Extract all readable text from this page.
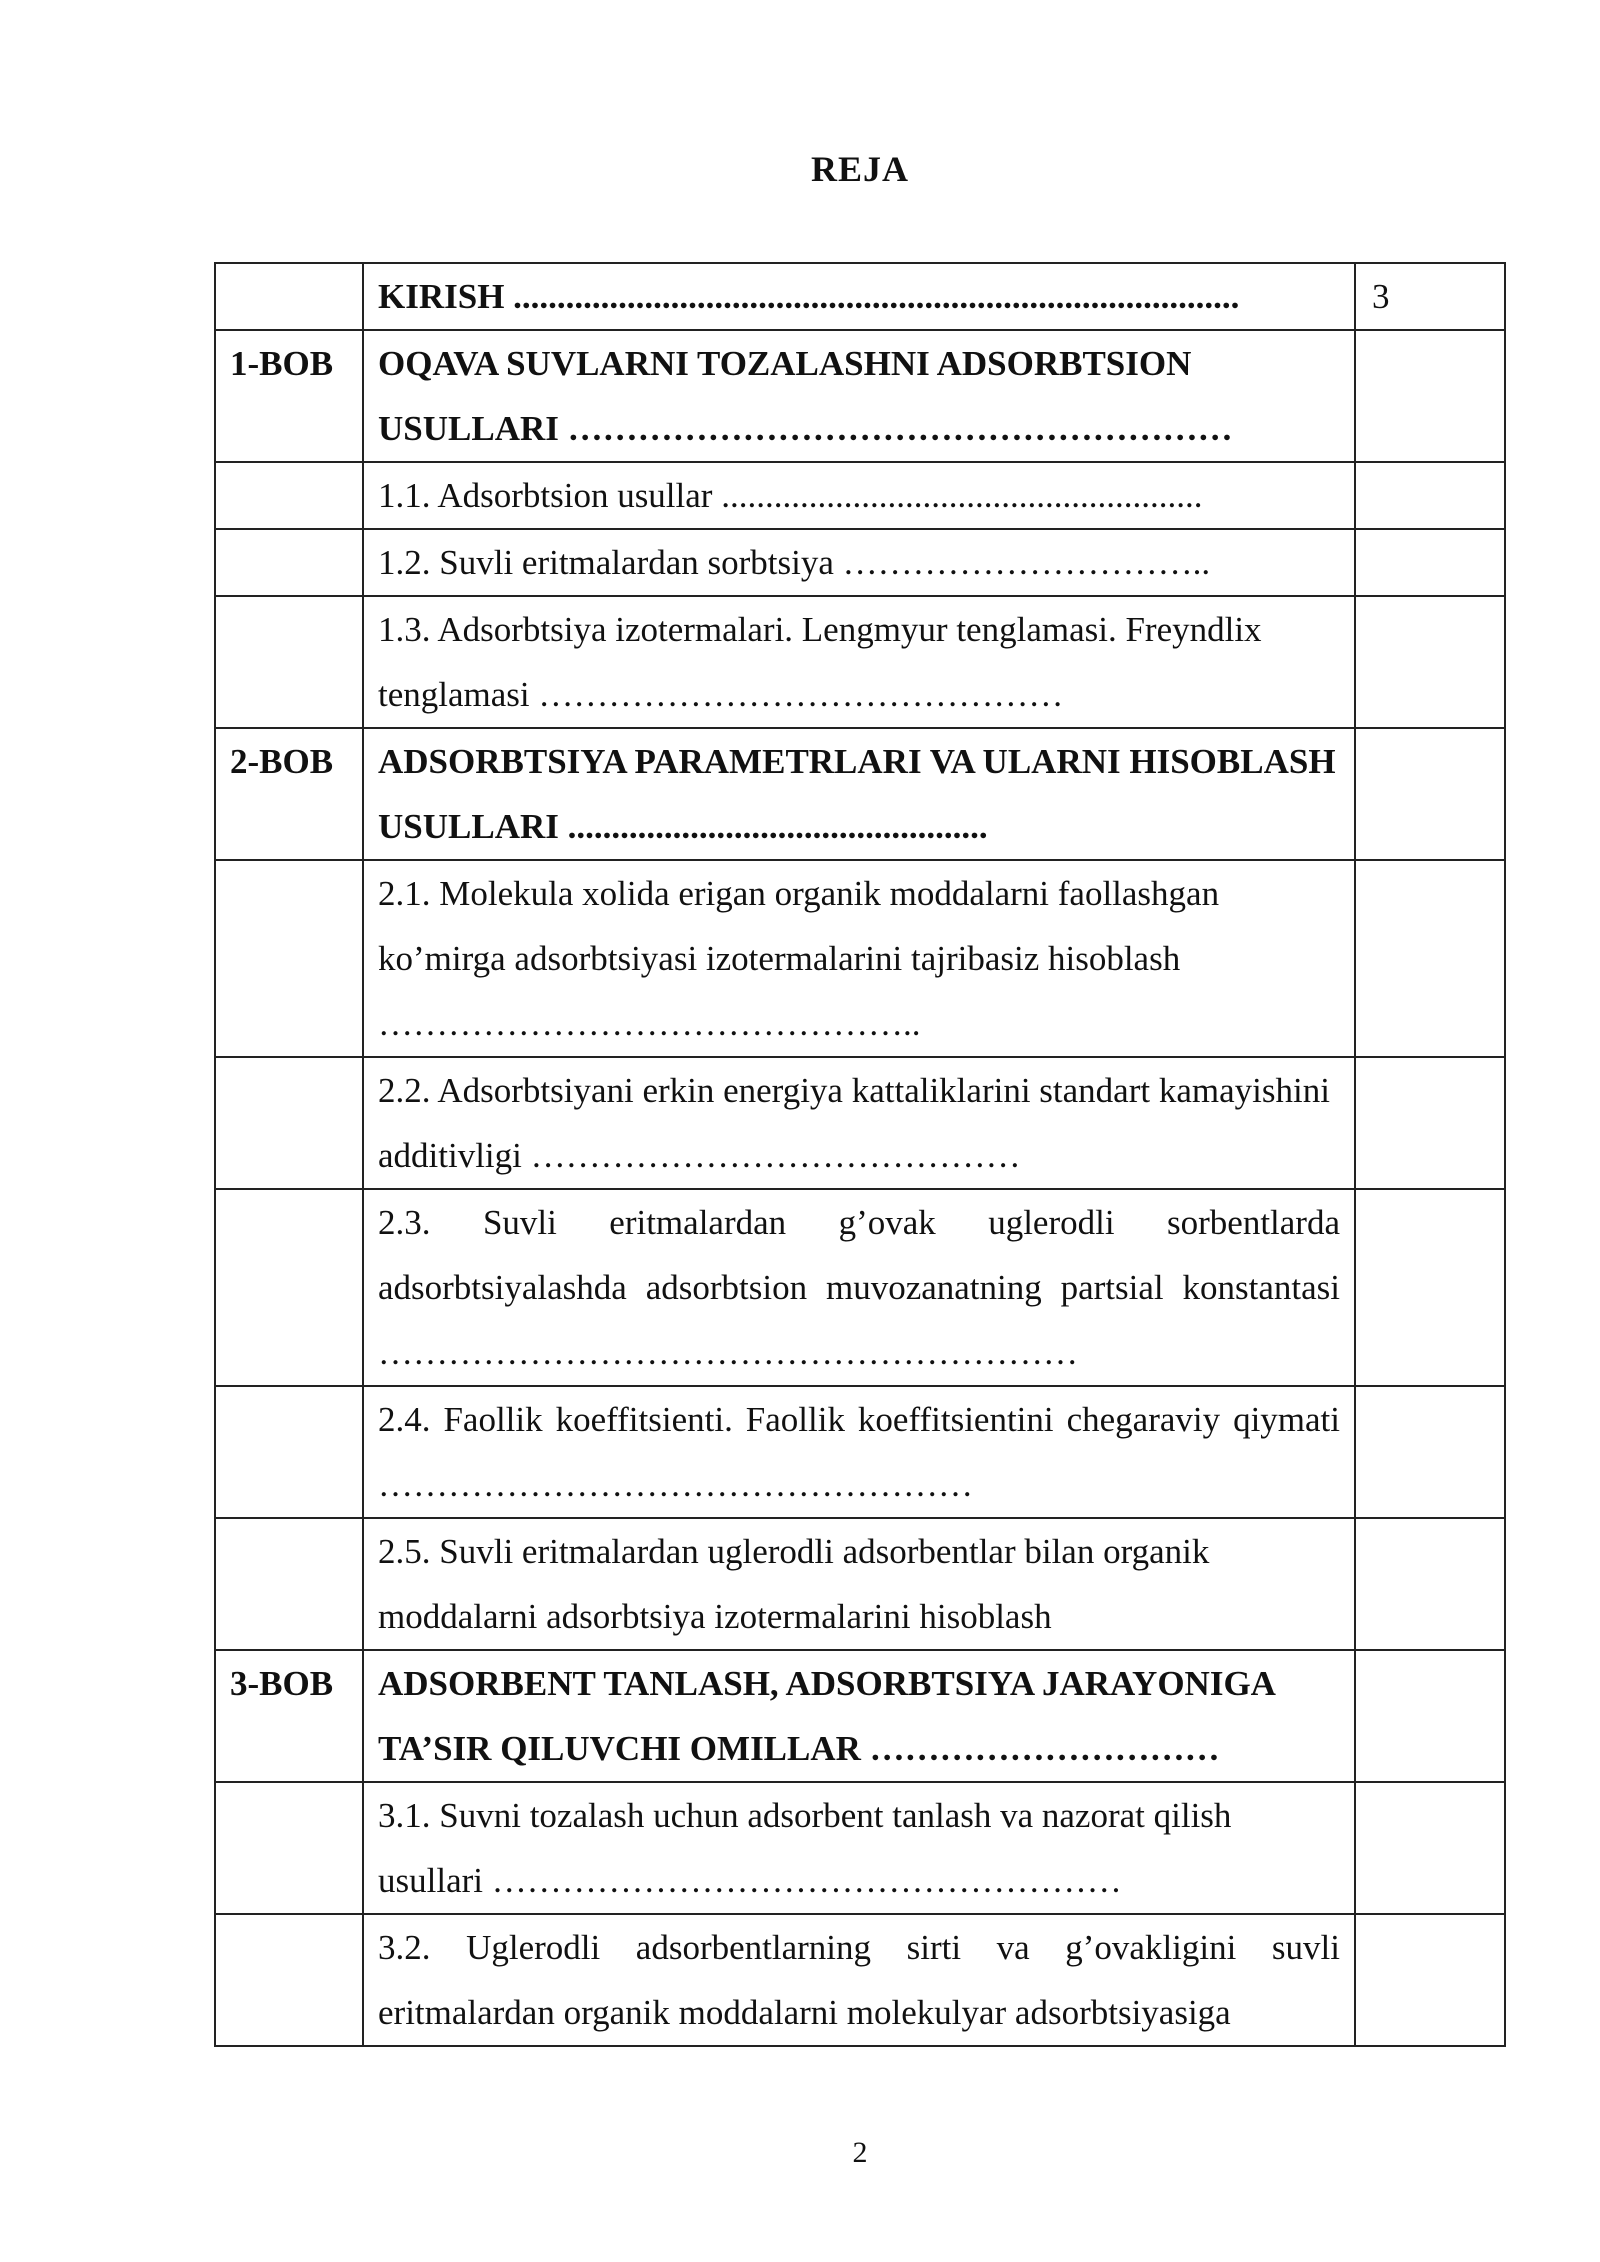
REJA
	KIRISH ...................................................................................	3
1-BOB	OQAVA SUVLARNI TOZALASHNI ADSORBTSION USULLARI …………………………………………………	
	1.1. Adsorbtsion usullar .......................................................	
	1.2. Suvli eritmalardan sorbtsiya …………………………..	
	1.3. Adsorbtsiya izotermalari. Lengmyur tenglamasi. Freyndlix tenglamasi ………………………………………	
2-BOB	ADSORBTSIYA PARAMETRLARI VA ULARNI HISOBLASH USULLARI ................................................	
	2.1. Molekula xolida erigan organik moddalarni faollashgan ko’mirga adsorbtsiyasi izotermalarini tajribasiz hisoblash ………………………………………..	
	2.2. Adsorbtsiyani erkin energiya kattaliklarini standart kamayishini additivligi ……………………………………	
	2.3. Suvli eritmalardan g’ovak uglerodli sorbentlarda adsorbtsiyalashda adsorbtsion muvozanatning partsial konstantasi ……………………………………………………	
	2.4. Faollik koeffitsienti. Faollik koeffitsientini chegaraviy qiymati ……………………………………………	
	2.5. Suvli eritmalardan uglerodli adsorbentlar bilan organik moddalarni adsorbtsiya izotermalarini hisoblash	
3-BOB	ADSORBENT TANLASH, ADSORBTSIYA JARAYONIGA TA’SIR QILUVCHI OMILLAR …………………………	
	3.1. Suvni tozalash uchun adsorbent tanlash va nazorat qilish usullari ………………………………………………	
	3.2. Uglerodli adsorbentlarning sirti va g’ovakligini suvli eritmalardan organik moddalarni molekulyar adsorbtsiyasiga	
2
